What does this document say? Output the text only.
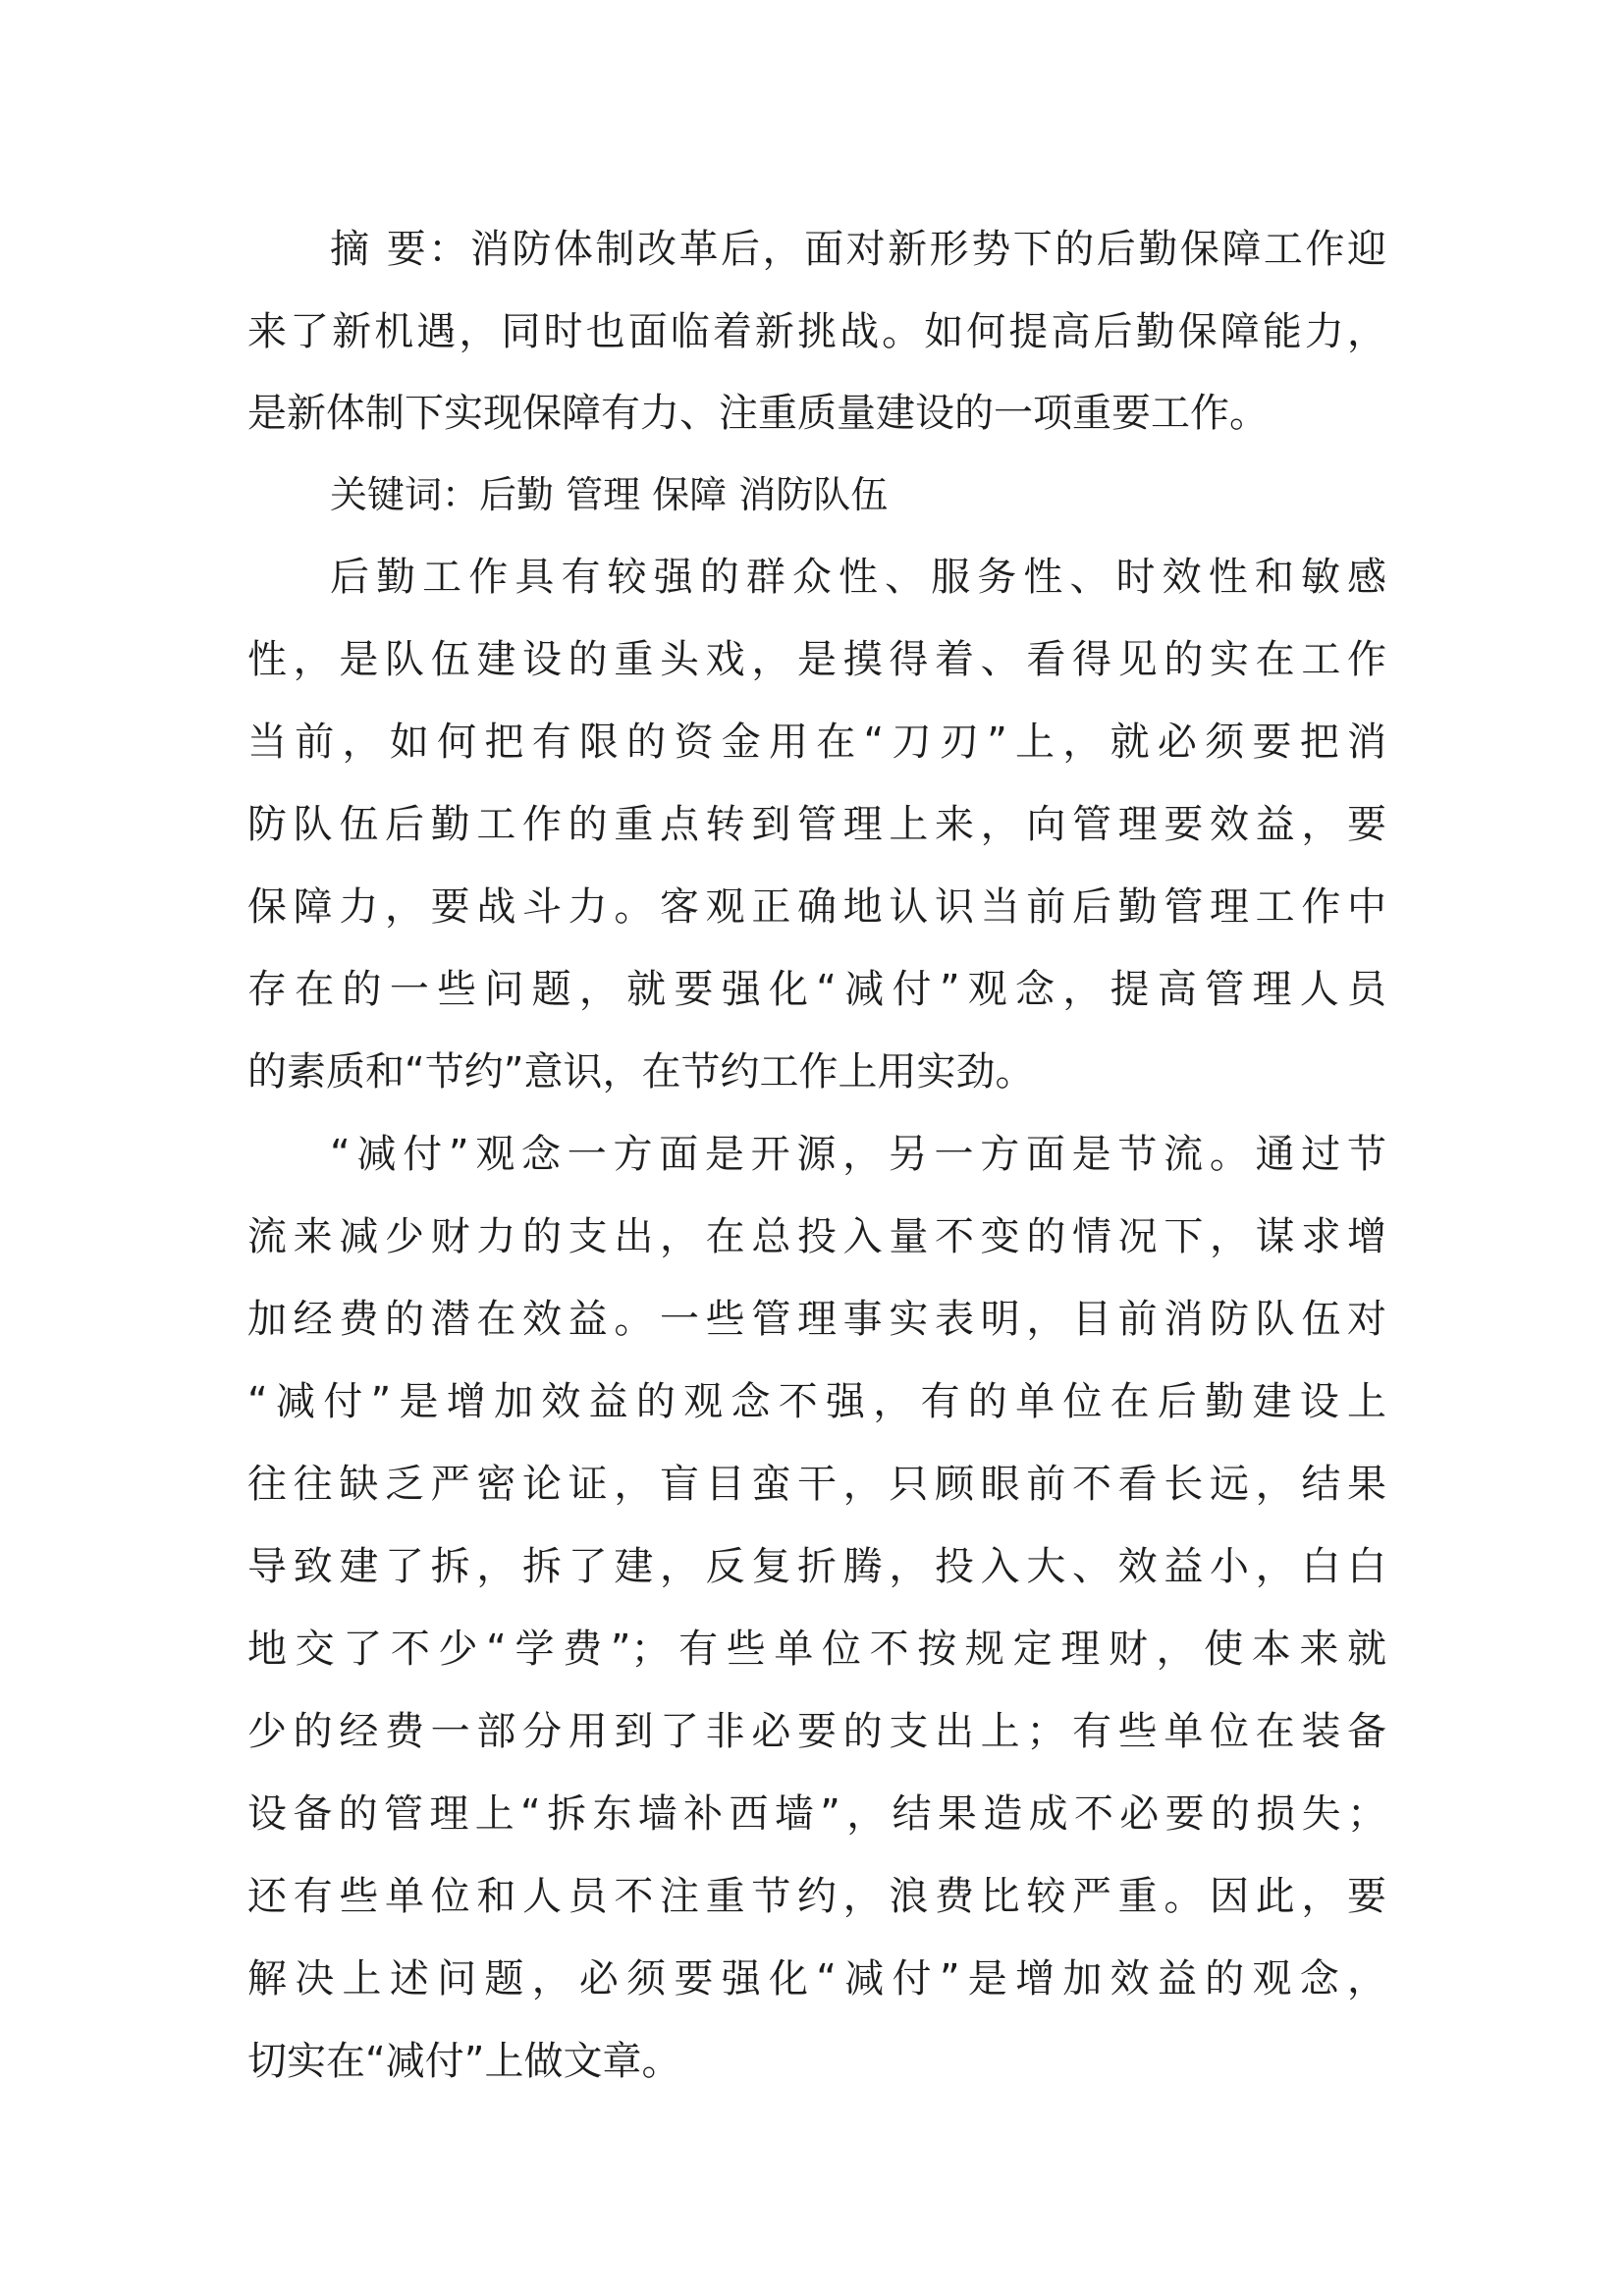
摘 要：消防体制改革后，面对新形势下的后勤保障工作迎
来了新机遇，同时也面临着新挑战。如何提高后勤保障能力，
是新体制下实现保障有力、注重质量建设的一项重要工作。
关键词：后勤 管理 保障 消防队伍
后勤工作具有较强的群众性、服务性、时效性和敏感
性，是队伍建设的重头戏，是摸得着、看得见的实在工作
当前，如何把有限的资金用在“刀刃”上，就必须要把消
防队伍后勤工作的重点转到管理上来，向管理要效益，要
保障力，要战斗力。客观正确地认识当前后勤管理工作中
存在的一些问题，就要强化“减付”观念，提高管理人员
的素质和“节约”意识，在节约工作上用实劲。
“减付”观念一方面是开源，另一方面是节流。通过节
流来减少财力的支出，在总投入量不变的情况下，谋求增
加经费的潜在效益。一些管理事实表明，目前消防队伍对
“减付”是增加效益的观念不强，有的单位在后勤建设上
往往缺乏严密论证，盲目蛮干，只顾眼前不看长远，结果
导致建了拆，拆了建，反复折腾，投入大、效益小，白白
地交了不少“学费”；有些单位不按规定理财，使本来就
少的经费一部分用到了非必要的支出上；有些单位在装备
设备的管理上“拆东墙补西墙”，结果造成不必要的损失；
还有些单位和人员不注重节约，浪费比较严重。因此，要
解决上述问题，必须要强化“减付”是增加效益的观念，
切实在“减付”上做文章。
